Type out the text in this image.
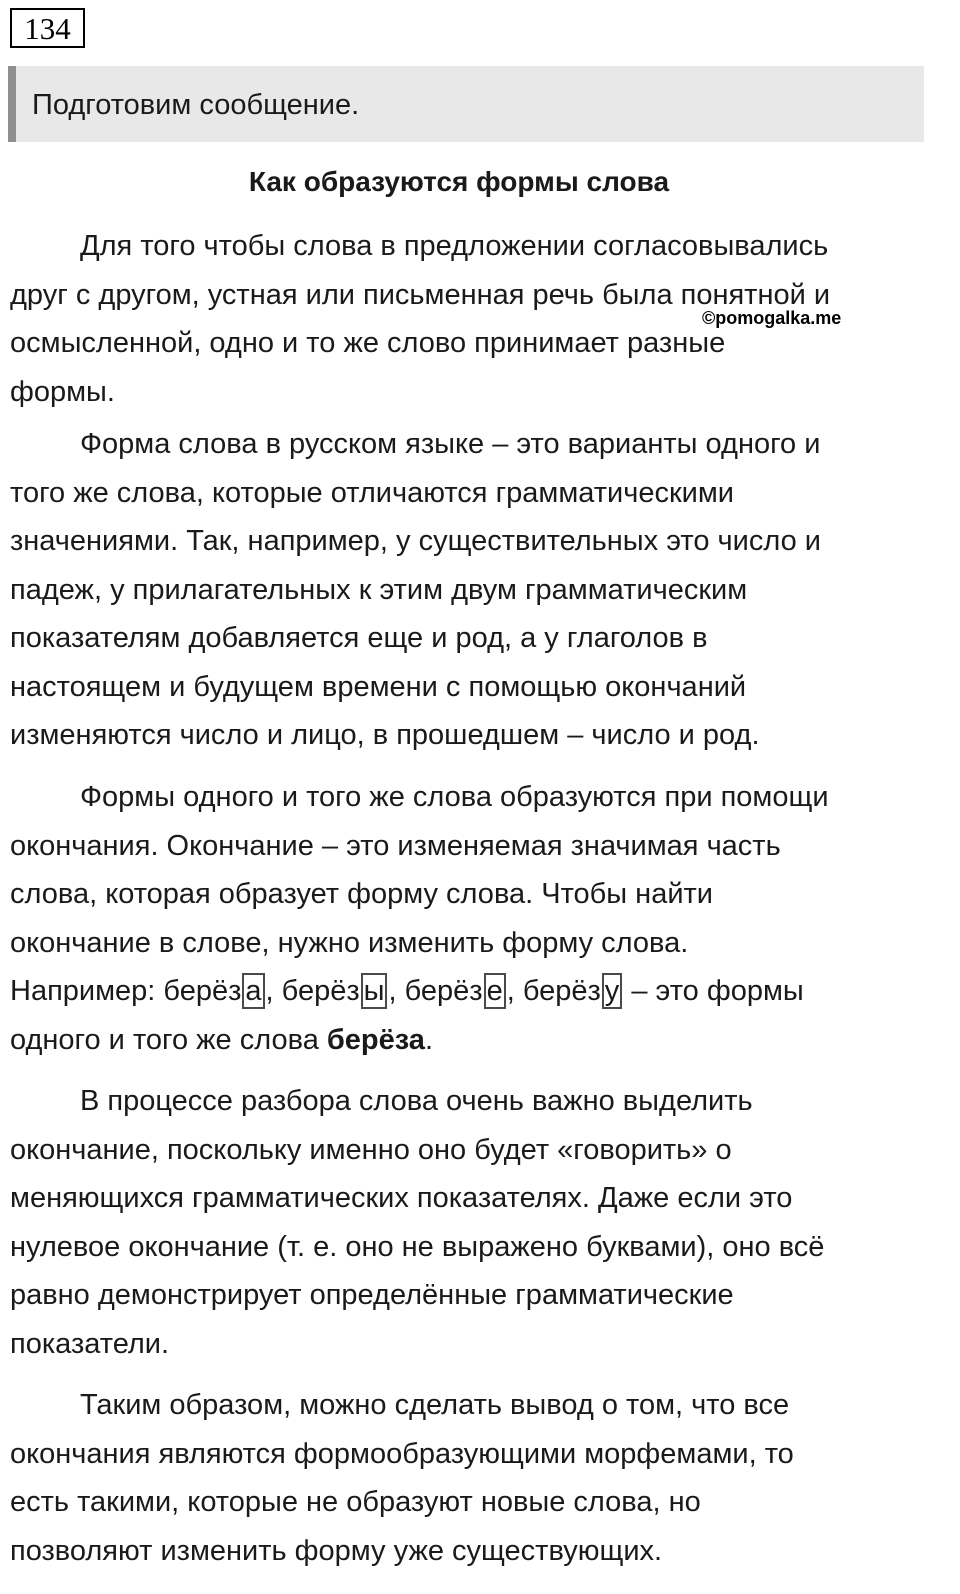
134
Подготовим сообщение.
Как образуются формы слова
Для того чтобы слова в предложении согласовывались
друг с другом, устная или письменная речь была понятной и
осмысленной, одно и то же слово принимает разные
формы.
©pomogalka.me
Форма слова в русском языке – это варианты одного и
того же слова, которые отличаются грамматическими
значениями. Так, например, у существительных это число и
падеж, у прилагательных к этим двум грамматическим
показателям добавляется еще и род, а у глаголов в
настоящем и будущем времени с помощью окончаний
изменяются число и лицо, в прошедшем – число и род.
Формы одного и того же слова образуются при помощи
окончания. Окончание – это изменяемая значимая часть
слова, которая образует форму слова. Чтобы найти
окончание в слове, нужно изменить форму слова.
Например: берёз а , берёз ы , берёз е , берёз у – это формы
одного и того же слова берёза.
В процессе разбора слова очень важно выделить
окончание, поскольку именно оно будет «говорить» о
меняющихся грамматических показателях. Даже если это
нулевое окончание (т. е. оно не выражено буквами), оно всё
равно демонстрирует определённые грамматические
показатели.
Таким образом, можно сделать вывод о том, что все
окончания являются формообразующими морфемами, то
есть такими, которые не образуют новые слова, но
позволяют изменить форму уже существующих.
